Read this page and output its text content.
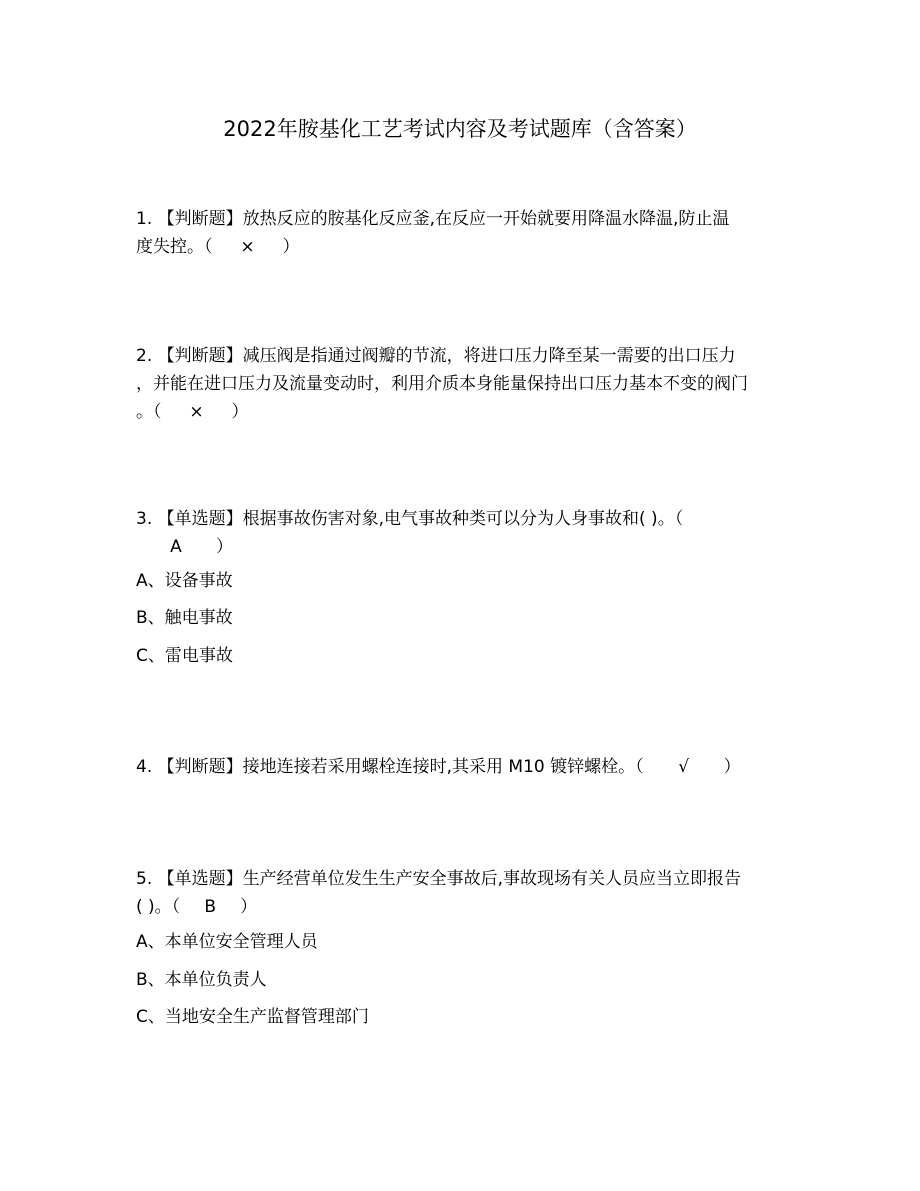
2022年胺基化工艺考试内容及考试题库（含答案）
1. 【判断题】放热反应的胺基化反应釜,在反应一开始就要用降温水降温,防止温
度失控。（ × ）
2. 【判断题】减压阀是指通过阀瓣的节流，将进口压力降至某一需要的出口压力
，并能在进口压力及流量变动时，利用介质本身能量保持出口压力基本不变的阀门
。（ × ）
3. 【单选题】根据事故伤害对象,电气事故种类可以分为人身事故和( )。（
A ）
A、设备事故
B、触电事故
C、雷电事故
4. 【判断题】接地连接若采用螺栓连接时,其采用 M10 镀锌螺栓。（ √ ）
5. 【单选题】生产经营单位发生生产安全事故后,事故现场有关人员应当立即报告
( )。（ B ）
A、本单位安全管理人员
B、本单位负责人
C、当地安全生产监督管理部门
